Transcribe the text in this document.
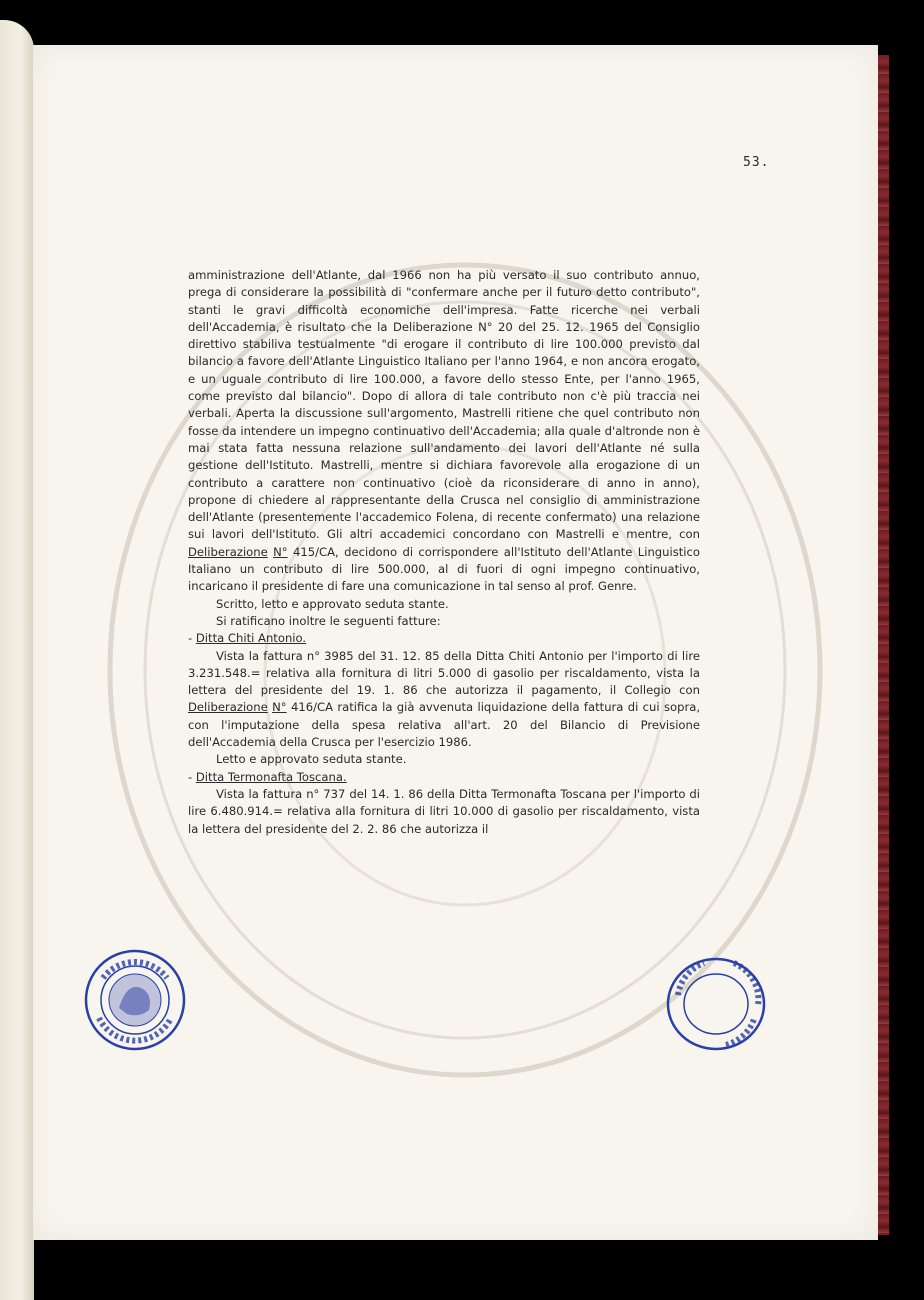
53.

amministrazione dell'Atlante, dal 1966 non ha più versato il suo contributo annuo, prega di considerare la possibilità di "confermare anche per il futuro detto contributo", stanti le gravi difficoltà economiche dell'impresa. Fatte ricerche nei verbali dell'Accademia, è risultato che la Deliberazione N° 20 del 25. 12. 1965 del Consiglio direttivo stabiliva testualmente "di erogare il contributo di lire 100.000 previsto dal bilancio a favore dell'Atlante Linguistico Italiano per l'anno 1964, e non ancora erogato, e un uguale contributo di lire 100.000, a favore dello stesso Ente, per l'anno 1965, come previsto dal bilancio". Dopo di allora di tale contributo non c'è più traccia nei verbali. Aperta la discussione sull'argomento, Mastrelli ritiene che quel contributo non fosse da intendere un impegno continuativo dell'Accademia; alla quale d'altronde non è mai stata fatta nessuna relazione sull'andamento dei lavori dell'Atlante né sulla gestione dell'Istituto. Mastrelli, mentre si dichiara favorevole alla erogazione di un contributo a carattere non continuativo (cioè da riconsiderare di anno in anno), propone di chiedere al rappresentante della Crusca nel consiglio di amministrazione dell'Atlante (presentemente l'accademico Folena, di recente confermato) una relazione sui lavori dell'Istituto. Gli altri accademici concordano con Mastrelli e mentre, con Deliberazione N° 415/CA, decidono di corrispondere all'Istituto dell'Atlante Linguistico Italiano un contributo di lire 500.000, al di fuori di ogni impegno continuativo, incaricano il presidente di fare una comunicazione in tal senso al prof. Genre.

Scritto, letto e approvato seduta stante.

Si ratificano inoltre le seguenti fatture:

- Ditta Chiti Antonio.

Vista la fattura n° 3985 del 31. 12. 85 della Ditta Chiti Antonio per l'importo di lire 3.231.548.= relativa alla fornitura di litri 5.000 di gasolio per riscaldamento, vista la lettera del presidente del 19. 1. 86 che autorizza il pagamento, il Collegio con Deliberazione N° 416/CA ratifica la già avvenuta liquidazione della fattura di cui sopra, con l'imputazione della spesa relativa all'art. 20 del Bilancio di Previsione dell'Accademia della Crusca per l'esercizio 1986.

Letto e approvato seduta stante.

- Ditta Termonafta Toscana.

Vista la fattura n° 737 del 14. 1. 86 della Ditta Termonafta Toscana per l'importo di lire 6.480.914.= relativa alla fornitura di litri 10.000 di gasolio per riscaldamento, vista la lettera del presidente del 2. 2. 86 che autorizza il
